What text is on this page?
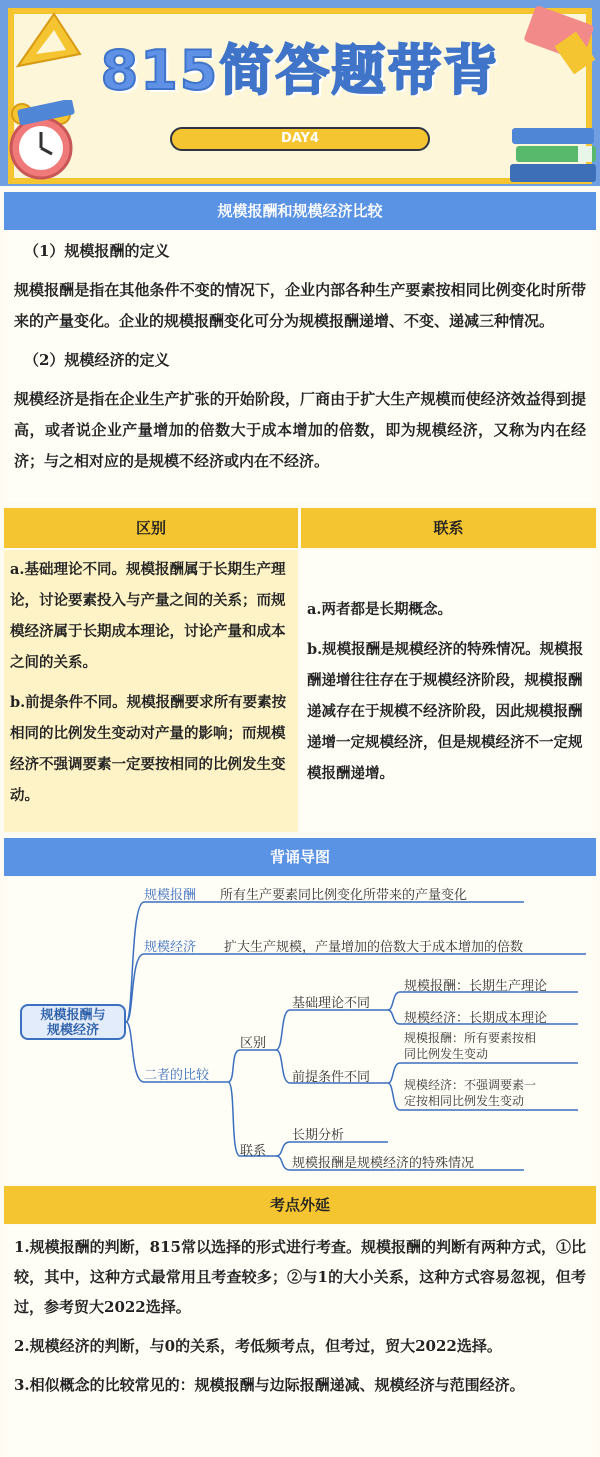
815简答题带背
DAY4
规模报酬和规模经济比较

（1）规模报酬的定义

规模报酬是指在其他条件不变的情况下，企业内部各种生产要素按相同比例变化时所带来的产量变化。企业的规模报酬变化可分为规模报酬递增、不变、递减三种情况。

（2）规模经济的定义

规模经济是指在企业生产扩张的开始阶段，厂商由于扩大生产规模而使经济效益得到提高，或者说企业产量增加的倍数大于成本增加的倍数，即为规模经济，又称为内在经济；与之相对应的是规模不经济或内在不经济。

区别	联系

a.基础理论不同。规模报酬属于长期生产理论，讨论要素投入与产量之间的关系；而规模经济属于长期成本理论，讨论产量和成本之间的关系。

b.前提条件不同。规模报酬要求所有要素按相同的比例发生变动对产量的影响；而规模经济不强调要素一定要按相同的比例发生变动。

a.两者都是长期概念。

b.规模报酬是规模经济的特殊情况。规模报酬递增往往存在于规模经济阶段，规模报酬递减存在于规模不经济阶段，因此规模报酬递增一定规模经济，但是规模经济不一定规模报酬递增。

背诵导图
规模报酬与
规模经济
规模报酬 所有生产要素同比例变化所带来的产量变化
规模经济 扩大生产规模，产量增加的倍数大于成本增加的倍数
二者的比较
区别
基础理论不同
规模报酬：长期生产理论
规模经济：长期成本理论
前提条件不同
规模报酬：所有要素按相
同比例发生变动
规模经济：不强调要素一
定按相同比例发生变动
联系
长期分析
规模报酬是规模经济的特殊情况
考点外延

1.规模报酬的判断，815常以选择的形式进行考查。规模报酬的判断有两种方式，①比较，其中，这种方式最常用且考查较多；②与1的大小关系，这种方式容易忽视，但考过，参考贸大2022选择。

2.规模经济的判断，与0的关系，考低频考点，但考过，贸大2022选择。

3.相似概念的比较常见的：规模报酬与边际报酬递减、规模经济与范围经济。
